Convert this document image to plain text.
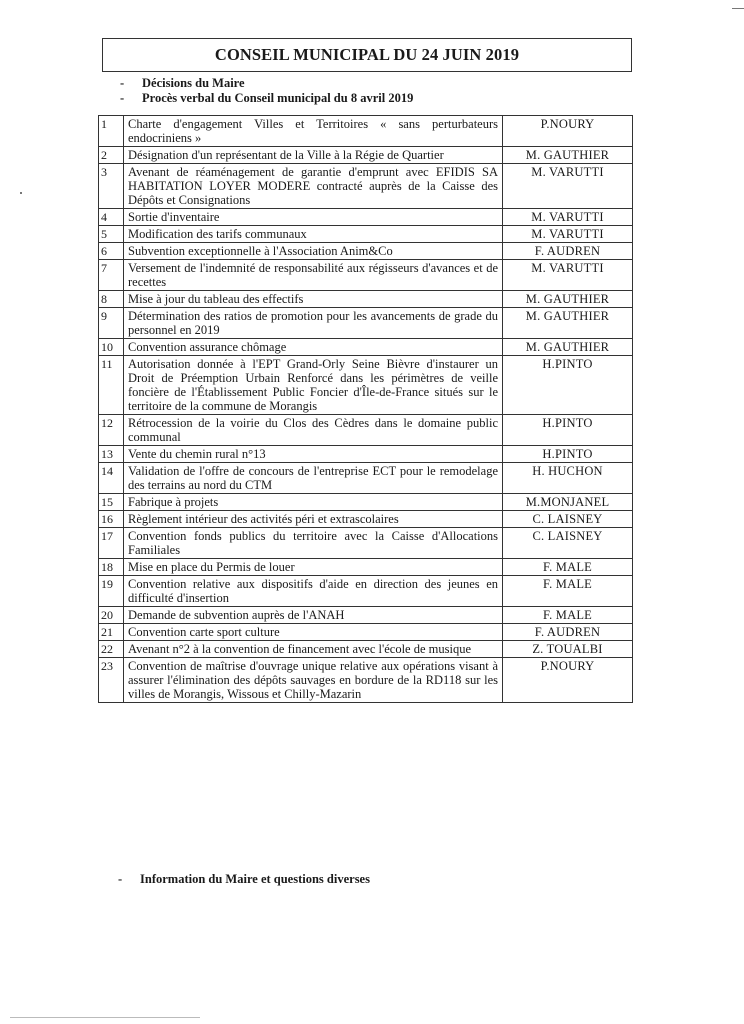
CONSEIL MUNICIPAL DU 24 JUIN 2019
-	Décisions du Maire
-	Procès verbal du Conseil municipal du 8 avril 2019
1	Charte d'engagement Villes et Territoires « sans perturbateurs endocriniens »	P.NOURY
2	Désignation d'un représentant de la Ville à la Régie de Quartier	M. GAUTHIER
3	Avenant de réaménagement de garantie d'emprunt avec EFIDIS SA HABITATION LOYER MODERE contracté auprès de la Caisse des Dépôts et Consignations	M. VARUTTI
4	Sortie d'inventaire	M. VARUTTI
5	Modification des tarifs communaux	M. VARUTTI
6	Subvention exceptionnelle à l'Association Anim&Co	F. AUDREN
7	Versement de l'indemnité de responsabilité aux régisseurs d'avances et de recettes	M. VARUTTI
8	Mise à jour du tableau des effectifs	M. GAUTHIER
9	Détermination des ratios de promotion pour les avancements de grade du personnel en 2019	M. GAUTHIER
10	Convention assurance chômage	M. GAUTHIER
11	Autorisation donnée à l'EPT Grand-Orly Seine Bièvre d'instaurer un Droit de Préemption Urbain Renforcé dans les périmètres de veille foncière de l'Établissement Public Foncier d'Île-de-France situés sur le territoire de la commune de Morangis	H.PINTO
12	Rétrocession de la voirie du Clos des Cèdres dans le domaine public communal	H.PINTO
13	Vente du chemin rural n°13	H.PINTO
14	Validation de l'offre de concours de l'entreprise ECT pour le remodelage des terrains au nord du CTM	H. HUCHON
15	Fabrique à projets	M.MONJANEL
16	Règlement intérieur des activités péri et extrascolaires	C. LAISNEY
17	Convention fonds publics du territoire avec la Caisse d'Allocations Familiales	C. LAISNEY
18	Mise en place du Permis de louer	F. MALE
19	Convention relative aux dispositifs d'aide en direction des jeunes en difficulté d'insertion	F. MALE
20	Demande de subvention auprès de l'ANAH	F. MALE
21	Convention carte sport culture	F. AUDREN
22	Avenant n°2 à la convention de financement avec l'école de musique	Z. TOUALBI
23	Convention de maîtrise d'ouvrage unique relative aux opérations visant à assurer l'élimination des dépôts sauvages en bordure de la RD118 sur les villes de Morangis, Wissous et Chilly-Mazarin	P.NOURY
-	Information du Maire et questions diverses
